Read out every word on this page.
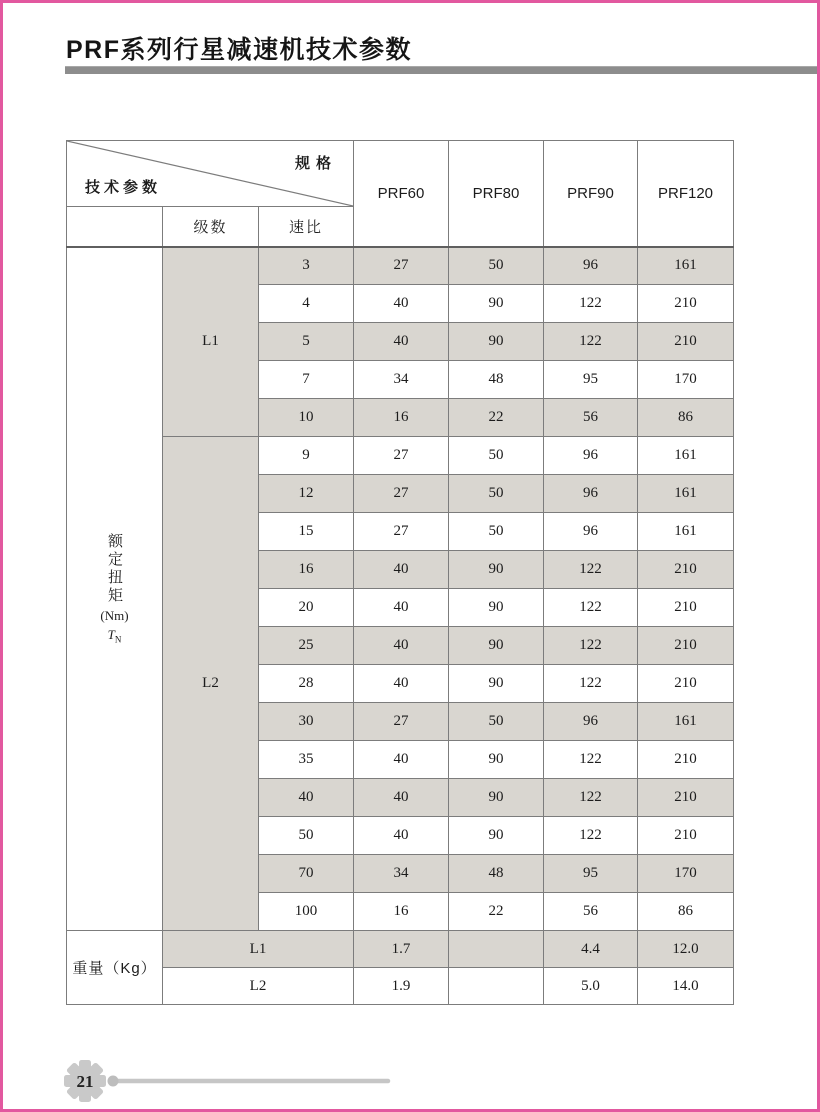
PRF系列行星减速机技术参数
规格
技术参数			PRF60	PRF80	PRF90	PRF120
	级数	速比				

额定扭矩
(Nm)
$T_N$	L1	3	27	50	96	161
		4	40	90	122	210
		5	40	90	122	210
		7	34	48	95	170
		10	16	22	56	86
	L2	9	27	50	96	161
		12	27	50	96	161
		15	27	50	96	161
		16	40	90	122	210
		20	40	90	122	210
		25	40	90	122	210
		28	40	90	122	210
		30	27	50	96	161
		35	40	90	122	210
		40	40	90	122	210
		50	40	90	122	210
		70	34	48	95	170
		100	16	22	56	86
重量（Kg）	L1		1.7		4.4	12.0
	L2		1.9		5.0	14.0
21
